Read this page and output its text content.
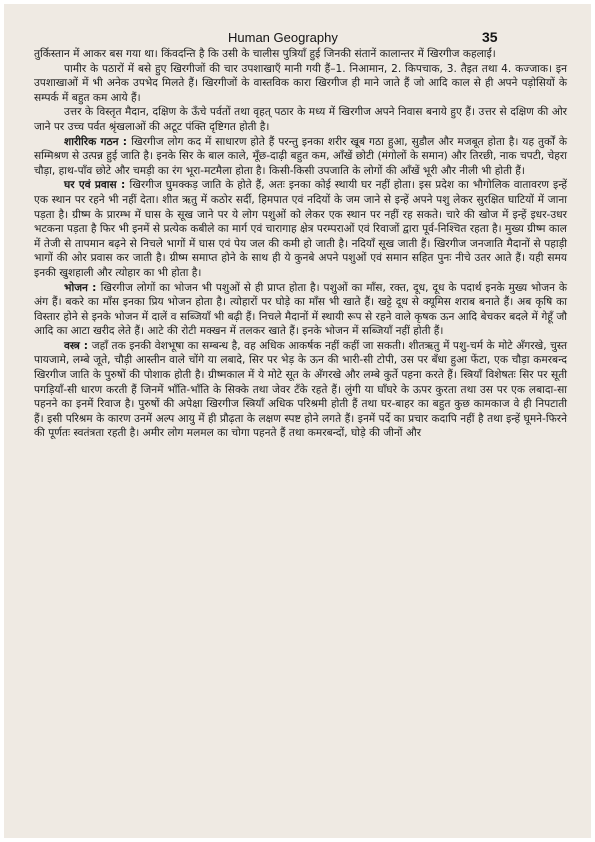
Human Geography	35

तुर्किस्तान में आकर बस गया था। किंवदन्ति है कि उसी के चालीस पुत्रियाँ हुई जिनकी संतानें कालान्तर में खिरगीज कहलाईं।

पामीर के पठारों में बसे हुए खिरगीजों की चार उपशाखाएँ मानी गयी हैं–1. निआमान, 2. किपचाक, 3. तैइत तथा 4. कज्जाक। इन उपशाखाओं में भी अनेक उपभेद मिलते हैं। खिरगीजों के वास्तविक कारा खिरगीज ही माने जाते हैं जो आदि काल से ही अपने पड़ोसियों के सम्पर्क में बहुत कम आये हैं।

उत्तर के विस्तृत मैदान, दक्षिण के ऊँचे पर्वतों तथा वृहत् पठार के मध्य में खिरगीज अपने निवास बनाये हुए हैं। उत्तर से दक्षिण की ओर जाने पर उच्च पर्वत श्रृंखलाओं की अटूट पंक्ति दृष्टिगत होती है।

शारीरिक गठन : खिरगीज लोग कद में साधारण होते हैं परन्तु इनका शरीर खूब गठा हुआ, सुडौल और मजबूत होता है। यह तुर्कों के सम्मिश्रण से उत्पन्न हुई जाति है। इनके सिर के बाल काले, मूँछ-दाढ़ी बहुत कम, आँखें छोटी (मंगोलों के समान) और तिरछी, नाक चपटी, चेहरा चौड़ा, हाथ-पाँव छोटे और चमड़ी का रंग भूरा-मटमैला होता है। किसी-किसी उपजाति के लोगों की आँखें भूरी और नीली भी होती हैं।

घर एवं प्रवास : खिरगीज घुमक्कड़ जाति के होते हैं, अतः इनका कोई स्थायी घर नहीं होता। इस प्रदेश का भौगोलिक वातावरण इन्हें एक स्थान पर रहने भी नहीं देता। शीत ऋतु में कठोर सर्दी, हिमपात एवं नदियों के जम जाने से इन्हें अपने पशु लेकर सुरक्षित घाटियों में जाना पड़ता है। ग्रीष्म के प्रारम्भ में घास के सूख जाने पर ये लोग पशुओं को लेकर एक स्थान पर नहीं रह सकते। चारे की खोज में इन्हें इधर-उधर भटकना पड़ता है फिर भी इनमें से प्रत्येक कबीले का मार्ग एवं चारागाह क्षेत्र परम्पराओं एवं रिवाजों द्वारा पूर्व-निश्चित रहता है। मुख्य ग्रीष्म काल में तेजी से तापमान बढ़ने से निचले भागों में घास एवं पेय जल की कमी हो जाती है। नदियाँ सूख जाती हैं। खिरगीज जनजाति मैदानों से पहाड़ी भागों की ओर प्रवास कर जाती है। ग्रीष्म समाप्त होने के साथ ही ये कुनबे अपने पशुओं एवं समान सहित पुनः नीचे उतर आते हैं। यही समय इनकी खुशहाली और त्योहार का भी होता है।

भोजन : खिरगीज लोगों का भोजन भी पशुओं से ही प्राप्त होता है। पशुओं का माँस, रक्त, दूध, दूध के पदार्थ इनके मुख्य भोजन के अंग हैं। बकरे का माँस इनका प्रिय भोजन होता है। त्योहारों पर घोड़े का माँस भी खाते हैं। खट्टे दूध से क्यूमिस शराब बनाते हैं। अब कृषि का विस्तार होने से इनके भोजन में दालें व सब्जियाँ भी बढ़ी हैं। निचले मैदानों में स्थायी रूप से रहने वाले कृषक ऊन आदि बेचकर बदले में गेहूँ जौ आदि का आटा खरीद लेते हैं। आटे की रोटी मक्खन में तलकर खाते हैं। इनके भोजन में सब्जियाँ नहीं होती हैं।

वस्त्र : जहाँ तक इनकी वेशभूषा का सम्बन्ध है, वह अधिक आकर्षक नहीं कहीं जा सकती। शीतऋतु में पशु-चर्म के मोटे अँगरखे, चुस्त पायजामे, लम्बे जूते, चौड़ी आस्तीन वाले चोंगे या लबादे, सिर पर भेड़ के ऊन की भारी-सी टोपी, उस पर बँधा हुआ फेंटा, एक चौड़ा कमरबन्द खिरगीज जाति के पुरुषों की पोशाक होती है। ग्रीष्मकाल में ये मोटे सूत के अँगरखे और लम्बे कुर्ते पहना करते हैं। स्त्रियाँ विशेषतः सिर पर सूती पगड़ियाँ-सी धारण करती हैं जिनमें भाँति-भाँति के सिक्के तथा जेवर टँके रहते हैं। लुंगी या घाँघरे के ऊपर कुरता तथा उस पर एक लबादा-सा पहनने का इनमें रिवाज है। पुरुषों की अपेक्षा खिरगीज स्त्रियाँ अधिक परिश्रमी होती हैं तथा घर-बाहर का बहुत कुछ कामकाज वे ही निपटाती हैं। इसी परिश्रम के कारण उनमें अल्प आयु में ही प्रौढ़ता के लक्षण स्पष्ट होने लगते हैं। इनमें पर्दे का प्रचार कदापि नहीं है तथा इन्हें घूमने-फिरने की पूर्णतः स्वतंत्रता रहती है। अमीर लोग मलमल का चोगा पहनते हैं तथा कमरबन्दों, घोड़े की जीनों और
